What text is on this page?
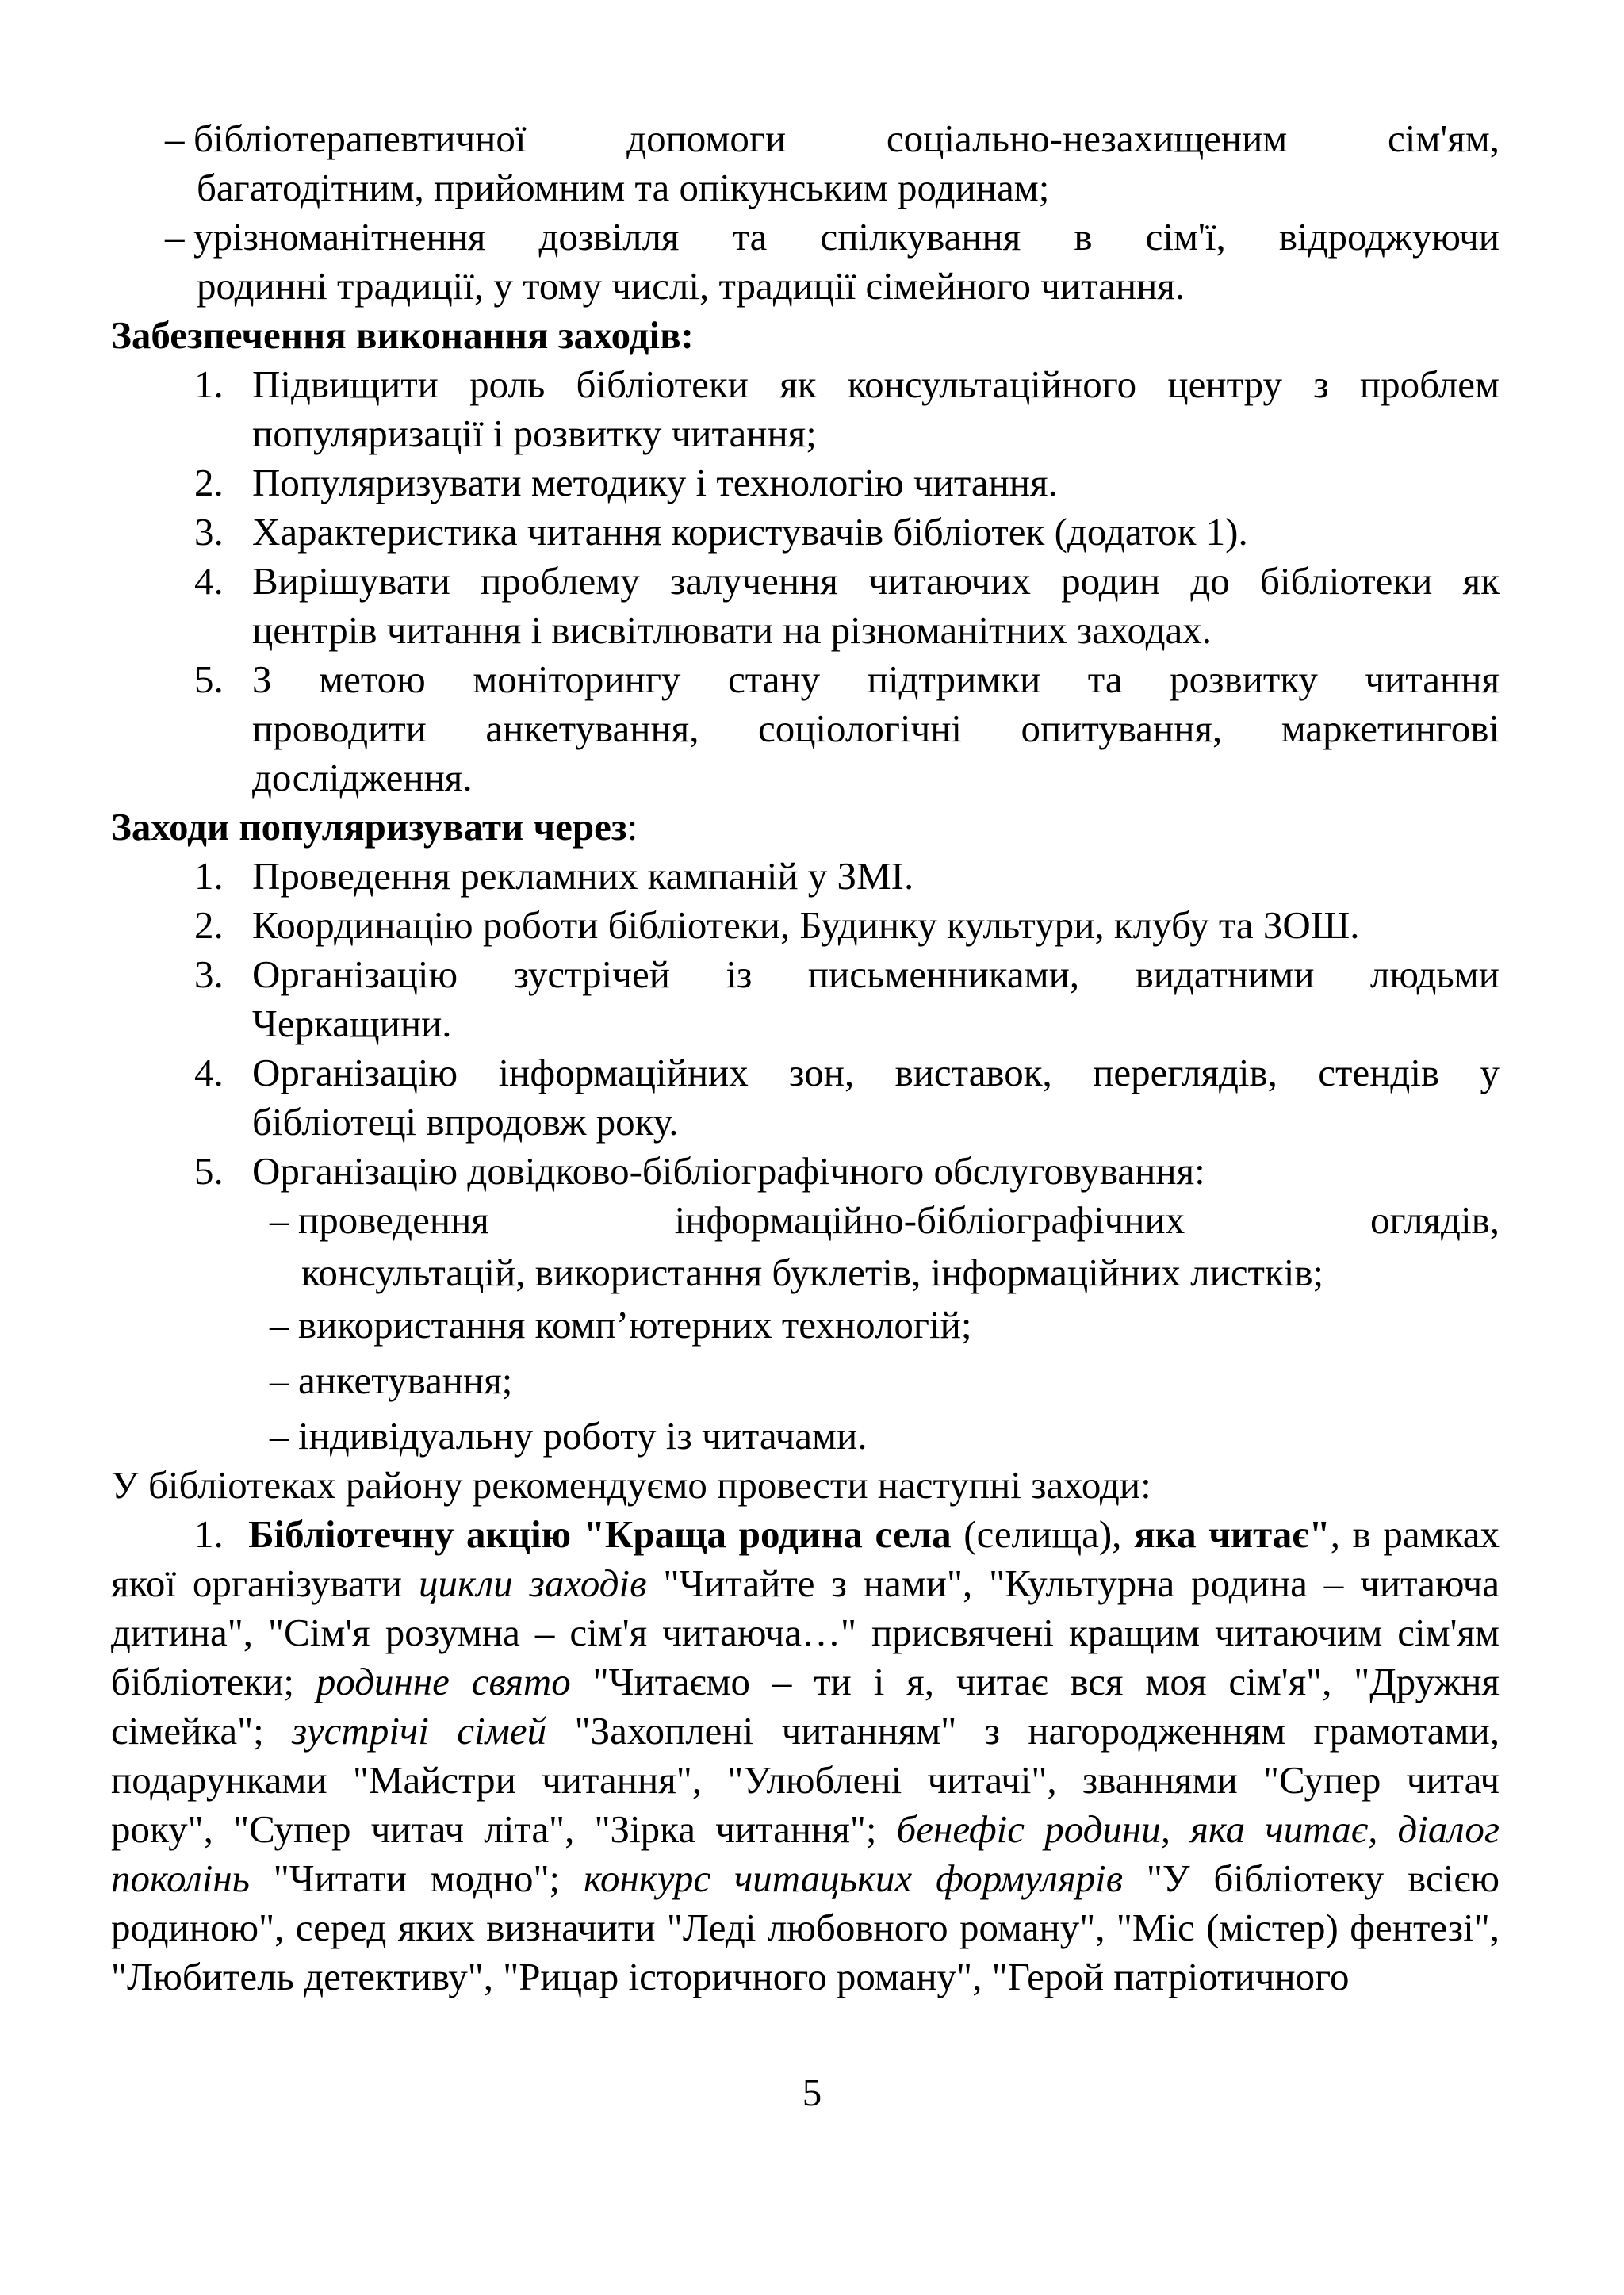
– бібліотерапевтичної допомоги соціально-незахищеним сім'ям,
багатодітним, прийомним та опікунським родинам;
– урізноманітнення дозвілля та спілкування в сім'ї, відроджуючи
родинні традиції, у тому числі, традиції сімейного читання.
Забезпечення виконання заходів:
1. Підвищити роль бібліотеки як консультаційного центру з проблем
популяризації і розвитку читання;
2. Популяризувати методику і технологію читання.
3. Характеристика читання користувачів бібліотек (додаток 1).
4. Вирішувати проблему залучення читаючих родин до бібліотеки як
центрів читання і висвітлювати на різноманітних заходах.
5. З метою моніторингу стану підтримки та розвитку читання
проводити анкетування, соціологічні опитування, маркетингові
дослідження.
Заходи популяризувати через:
1. Проведення рекламних кампаній у ЗМІ.
2. Координацію роботи бібліотеки, Будинку культури, клубу та ЗОШ.
3. Організацію зустрічей із письменниками, видатними людьми
Черкащини.
4. Організацію інформаційних зон, виставок, переглядів, стендів у
бібліотеці впродовж року.
5. Організацію довідково-бібліографічного обслуговування:
– проведення інформаційно-бібліографічних оглядів,
консультацій, використання буклетів, інформаційних листків;
– використання комп’ютерних технологій;
– анкетування;
– індивідуальну роботу із читачами.
У бібліотеках району рекомендуємо провести наступні заходи:
1. Бібліотечну акцію "Краща родина села (селища), яка читає", в рамках якої організувати цикли заходів "Читайте з нами", "Культурна родина – читаюча дитина", "Сім'я розумна – сім'я читаюча…" присвячені кращим читаючим сім'ям бібліотеки; родинне свято "Читаємо – ти і я, читає вся моя сім'я", "Дружня сімейка"; зустрічі сімей "Захоплені читанням" з нагородженням грамотами, подарунками "Майстри читання", "Улюблені читачі", званнями "Супер читач року", "Супер читач літа", "Зірка читання"; бенефіс родини, яка читає, діалог поколінь "Читати модно"; конкурс читацьких формулярів "У бібліотеку всією родиною", серед яких визначити "Леді любовного роману", "Міс (містер) фентезі", "Любитель детективу", "Рицар історичного роману", "Герой патріотичного
5
